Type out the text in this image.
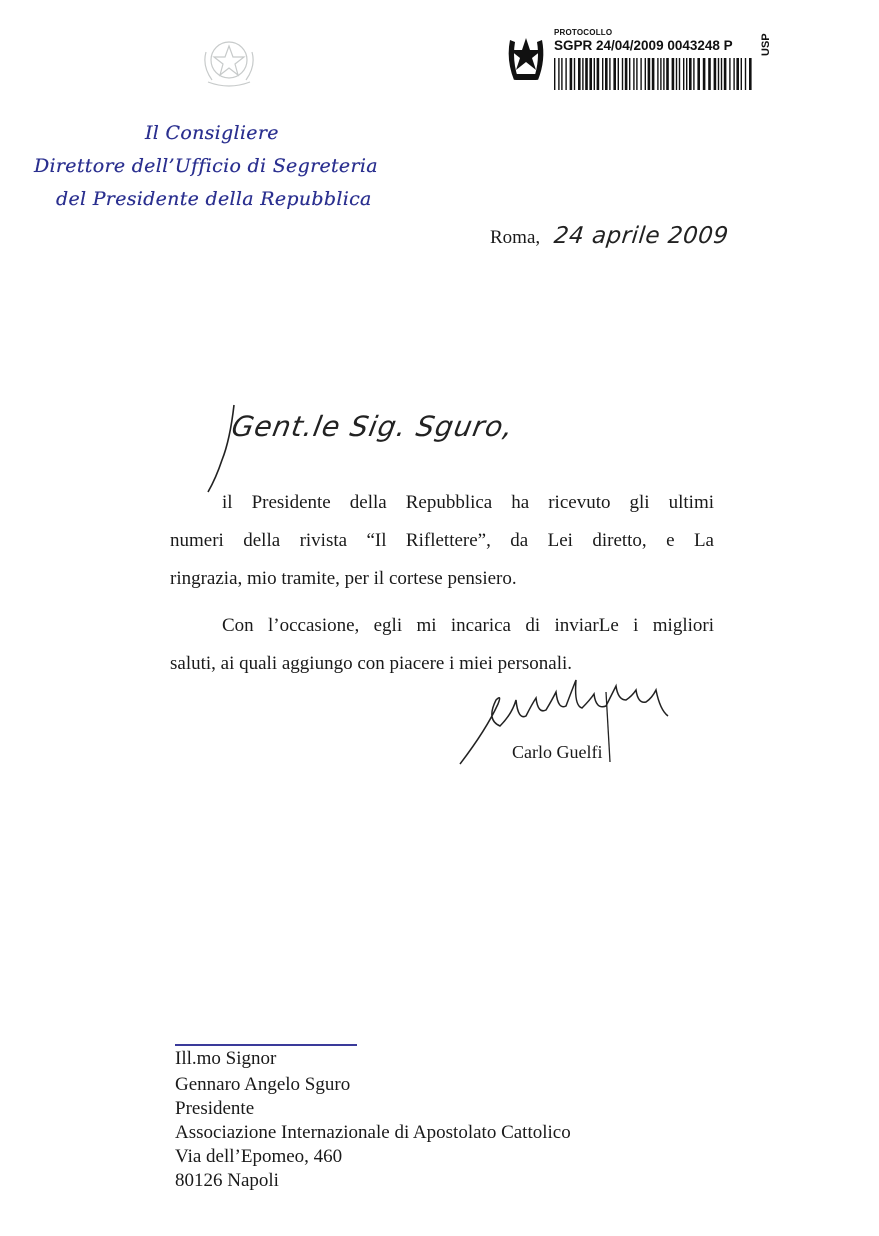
PROTOCOLLO
SGPR 24/04/2009 0043248 P USP
Il Consigliere
Direttore dell’Ufficio di Segreteria
del Presidente della Repubblica
Roma, 24 aprile 2009
Gent.le Sig. Sguro,
il Presidente della Repubblica ha ricevuto gli ultimi
numeri della rivista “Il Riflettere”, da Lei diretto, e La
ringrazia, mio tramite, per il cortese pensiero.
Con l’occasione, egli mi incarica di inviarLe i migliori
saluti, ai quali aggiungo con piacere i miei personali.
Carlo Guelfi
Ill.mo Signor
Gennaro Angelo Sguro
Presidente
Associazione Internazionale di Apostolato Cattolico
Via dell’Epomeo, 460
80126 Napoli
